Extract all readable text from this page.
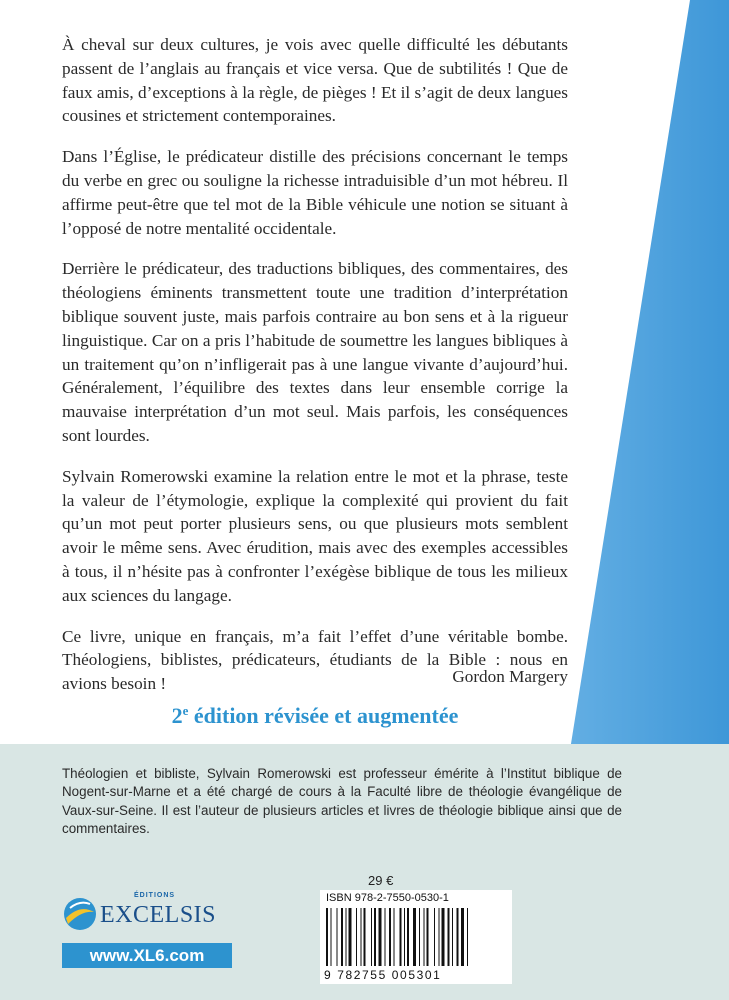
À cheval sur deux cultures, je vois avec quelle difficulté les débutants passent de l’anglais au français et vice versa. Que de subtilités ! Que de faux amis, d’exceptions à la règle, de pièges ! Et il s’agit de deux langues cousines et strictement contemporaines.

Dans l’Église, le prédicateur distille des précisions concernant le temps du verbe en grec ou souligne la richesse intraduisible d’un mot hébreu. Il affirme peut-être que tel mot de la Bible véhicule une notion se situant à l’opposé de notre mentalité occidentale.

Derrière le prédicateur, des traductions bibliques, des commentaires, des théologiens éminents transmettent toute une tradition d’interprétation biblique souvent juste, mais parfois contraire au bon sens et à la rigueur linguistique. Car on a pris l’habitude de soumettre les langues bibliques à un traitement qu’on n’infligerait pas à une langue vivante d’aujourd’hui. Généralement, l’équilibre des textes dans leur ensemble corrige la mauvaise interprétation d’un mot seul. Mais parfois, les conséquences sont lourdes.

Sylvain Romerowski examine la relation entre le mot et la phrase, teste la valeur de l’étymologie, explique la complexité qui provient du fait qu’un mot peut porter plusieurs sens, ou que plusieurs mots semblent avoir le même sens. Avec érudition, mais avec des exemples accessibles à tous, il n’hésite pas à confronter l’exégèse biblique de tous les milieux aux sciences du langage.

Ce livre, unique en français, m’a fait l’effet d’une véritable bombe. Théologiens, biblistes, prédicateurs, étudiants de la Bible : nous en avions besoin !	Gordon Margery
2e édition révisée et augmentée
Théologien et bibliste, Sylvain Romerowski est professeur émérite à l’Institut biblique de Nogent-sur-Marne et a été chargé de cours à la Faculté libre de théologie évangélique de Vaux-sur-Seine. Il est l’auteur de plusieurs articles et livres de théologie biblique ainsi que de commentaires.
ÉDITIONS
EXCELSIS
www.XL6.com
29 €
ISBN 978-2-7550-0530-1
9 782755 005301
